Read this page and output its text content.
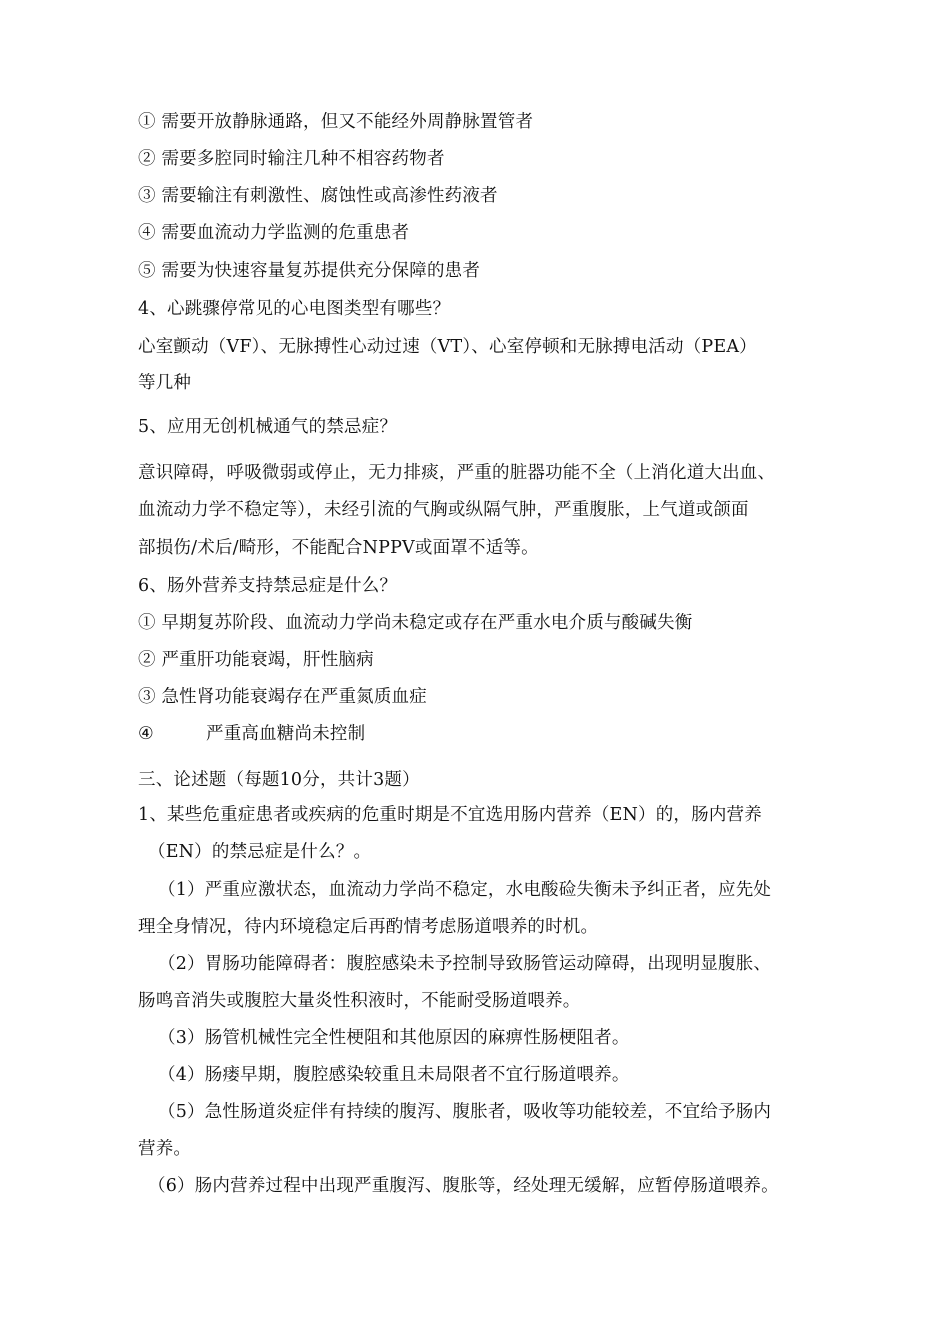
① 需要开放静脉通路，但又不能经外周静脉置管者
② 需要多腔同时输注几种不相容药物者
③ 需要输注有刺激性、腐蚀性或高渗性药液者
④ 需要血流动力学监测的危重患者
⑤ 需要为快速容量复苏提供充分保障的患者
4、心跳骤停常见的心电图类型有哪些？
心室颤动（VF）、无脉搏性心动过速（VT）、心室停顿和无脉搏电活动（PEA）
等几种
5、应用无创机械通气的禁忌症？
意识障碍，呼吸微弱或停止，无力排痰，严重的脏器功能不全（上消化道大出血、
血流动力学不稳定等），未经引流的气胸或纵隔气肿，严重腹胀，上气道或颌面
部损伤/术后/畸形，不能配合NPPV或面罩不适等。
6、肠外营养支持禁忌症是什么？
① 早期复苏阶段、血流动力学尚未稳定或存在严重水电介质与酸碱失衡
② 严重肝功能衰竭，肝性脑病
③ 急性肾功能衰竭存在严重氮质血症
④	严重高血糖尚未控制
三、论述题（每题10分，共计3题）
1、某些危重症患者或疾病的危重时期是不宜选用肠内营养（EN）的，肠内营养
（EN）的禁忌症是什么？。
（1）严重应激状态，血流动力学尚不稳定，水电酸硷失衡未予纠正者，应先处
理全身情况，待内环境稳定后再酌情考虑肠道喂养的时机。
（2）胃肠功能障碍者：腹腔感染未予控制导致肠管运动障碍，出现明显腹胀、
肠鸣音消失或腹腔大量炎性积液时，不能耐受肠道喂养。
（3）肠管机械性完全性梗阻和其他原因的麻痹性肠梗阻者。
（4）肠瘘早期，腹腔感染较重且未局限者不宜行肠道喂养。
（5）急性肠道炎症伴有持续的腹泻、腹胀者，吸收等功能较差，不宜给予肠内
营养。
（6）肠内营养过程中出现严重腹泻、腹胀等，经处理无缓解，应暂停肠道喂养。
